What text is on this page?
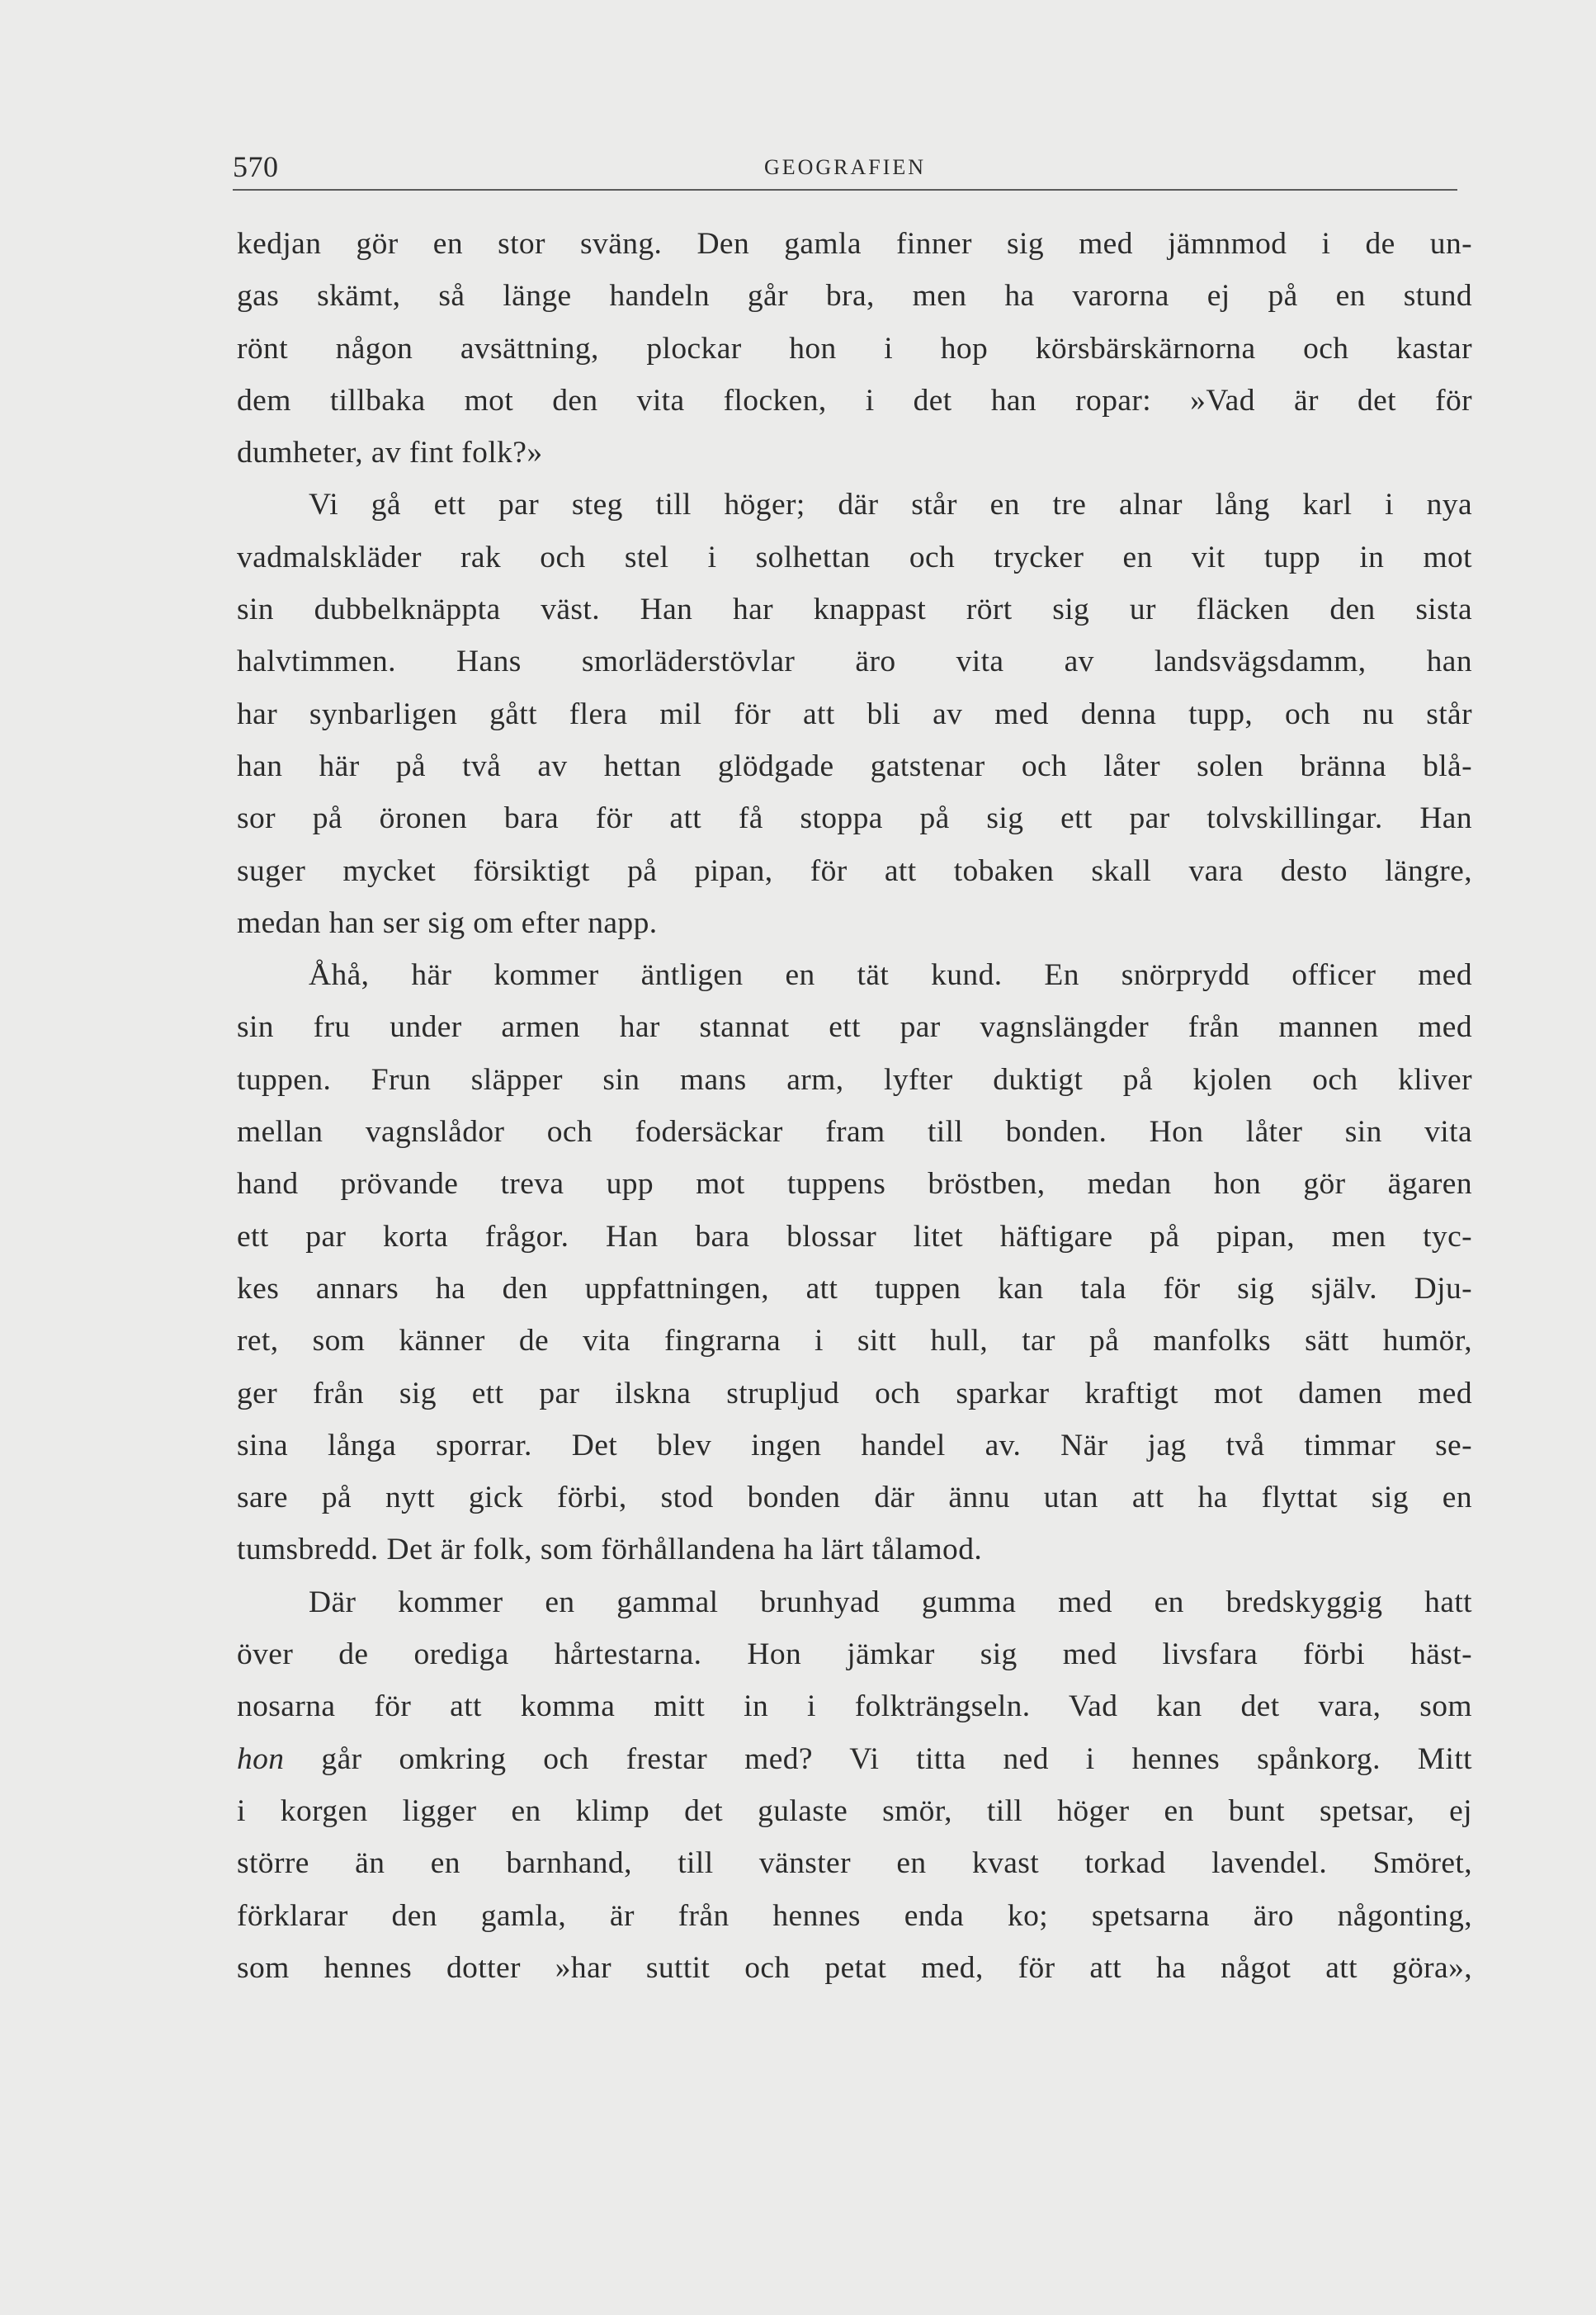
570	GEOGRAFIEN
kedjan gör en stor sväng. Den gamla finner sig med jämnmod i de un-
gas skämt, så länge handeln går bra, men ha varorna ej på en stund
rönt någon avsättning, plockar hon i hop körsbärskärnorna och kastar
dem tillbaka mot den vita flocken, i det han ropar: »Vad är det för
dumheter, av fint folk?»
Vi gå ett par steg till höger; där står en tre alnar lång karl i nya
vadmalskläder rak och stel i solhettan och trycker en vit tupp in mot
sin dubbelknäppta väst. Han har knappast rört sig ur fläcken den sista
halvtimmen. Hans smorläderstövlar äro vita av landsvägsdamm, han
har synbarligen gått flera mil för att bli av med denna tupp, och nu står
han här på två av hettan glödgade gatstenar och låter solen bränna blå-
sor på öronen bara för att få stoppa på sig ett par tolvskillingar. Han
suger mycket försiktigt på pipan, för att tobaken skall vara desto längre,
medan han ser sig om efter napp.
Åhå, här kommer äntligen en tät kund. En snörprydd officer med
sin fru under armen har stannat ett par vagnslängder från mannen med
tuppen. Frun släpper sin mans arm, lyfter duktigt på kjolen och kliver
mellan vagnslådor och fodersäckar fram till bonden. Hon låter sin vita
hand prövande treva upp mot tuppens bröstben, medan hon gör ägaren
ett par korta frågor. Han bara blossar litet häftigare på pipan, men tyc-
kes annars ha den uppfattningen, att tuppen kan tala för sig själv. Dju-
ret, som känner de vita fingrarna i sitt hull, tar på manfolks sätt humör,
ger från sig ett par ilskna strupljud och sparkar kraftigt mot damen med
sina långa sporrar. Det blev ingen handel av. När jag två timmar se-
sare på nytt gick förbi, stod bonden där ännu utan att ha flyttat sig en
tumsbredd. Det är folk, som förhållandena ha lärt tålamod.
Där kommer en gammal brunhyad gumma med en bredskyggig hatt
över de orediga hårtestarna. Hon jämkar sig med livsfara förbi häst-
nosarna för att komma mitt in i folkträngseln. Vad kan det vara, som
hon går omkring och frestar med? Vi titta ned i hennes spånkorg. Mitt
i korgen ligger en klimp det gulaste smör, till höger en bunt spetsar, ej
större än en barnhand, till vänster en kvast torkad lavendel. Smöret,
förklarar den gamla, är från hennes enda ko; spetsarna äro någonting,
som hennes dotter »har suttit och petat med, för att ha något att göra»,
